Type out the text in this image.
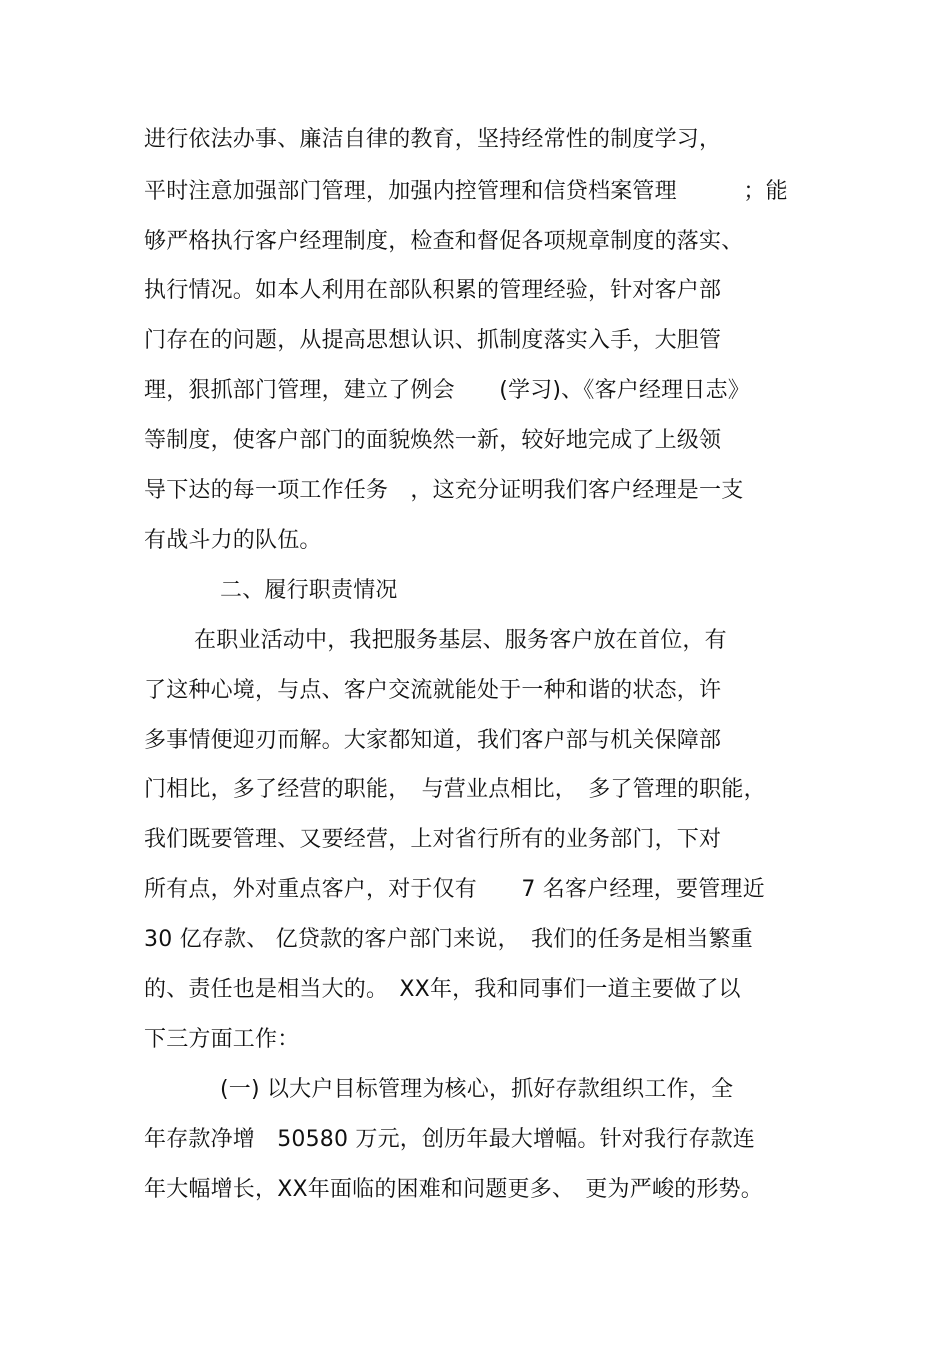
进行依法办事、廉洁自律的教育，坚持经常性的制度学习，
平时注意加强部门管理，加强内控管理和信贷档案管理　　　；能
够严格执行客户经理制度，检查和督促各项规章制度的落实、
执行情况。如本人利用在部队积累的管理经验，针对客户部
门存在的问题，从提高思想认识、抓制度落实入手，大胆管
理，狠抓部门管理，建立了例会　　(学习)、《客户经理日志》
等制度，使客户部门的面貌焕然一新，较好地完成了上级领
导下达的每一项工作任务　，这充分证明我们客户经理是一支
有战斗力的队伍。
二、履行职责情况
在职业活动中，我把服务基层、服务客户放在首位，有
了这种心境，与点、客户交流就能处于一种和谐的状态，许
多事情便迎刃而解。大家都知道，我们客户部与机关保障部
门相比，多了经营的职能，　与营业点相比，　多了管理的职能，
我们既要管理、又要经营，上对省行所有的业务部门，下对
所有点，外对重点客户，对于仅有　　7 名客户经理，要管理近
30 亿存款、 亿贷款的客户部门来说，　我们的任务是相当繁重
的、责任也是相当大的。　XX年，我和同事们一道主要做了以
下三方面工作：
(一) 以大户目标管理为核心，抓好存款组织工作，全
年存款净增　50580 万元，创历年最大增幅。针对我行存款连
年大幅增长，XX年面临的困难和问题更多、　更为严峻的形势。
